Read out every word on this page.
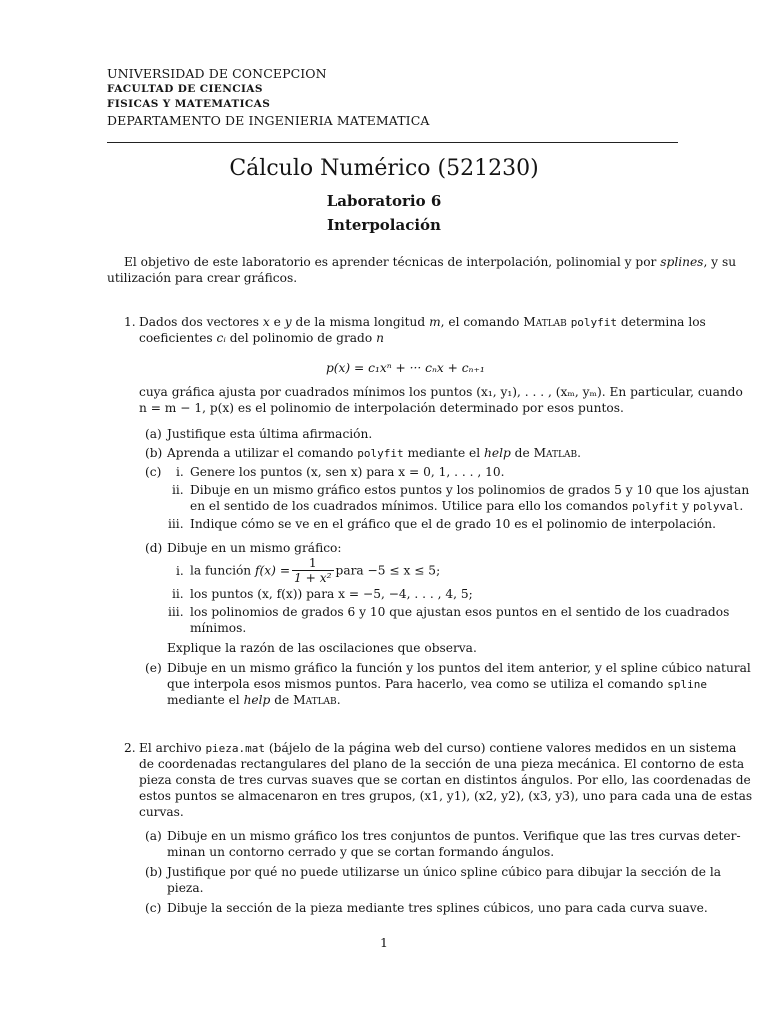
UNIVERSIDAD DE CONCEPCION
FACULTAD DE CIENCIAS
FISICAS Y MATEMATICAS
DEPARTAMENTO DE INGENIERIA MATEMATICA
Cálculo Numérico (521230)
Laboratorio 6
Interpolación
El objetivo de este laboratorio es aprender técnicas de interpolación, polinomial y por splines, y su
utilización para crear gráficos.
1. Dados dos vectores x e y de la misma longitud m, el comando Matlab polyfit determina los
coeficientes cᵢ del polinomio de grado n
p(x) = c₁xⁿ + ··· cₙx + cₙ₊₁
cuya gráfica ajusta por cuadrados mínimos los puntos (x₁, y₁), . . . , (xₘ, yₘ). En particular, cuando
n = m − 1, p(x) es el polinomio de interpolación determinado por esos puntos.
(a) Justifique esta última afirmación.
(b) Aprenda a utilizar el comando polyfit mediante el help de Matlab.
(c) i. Genere los puntos (x, sen x) para x = 0, 1, . . . , 10.
ii. Dibuje en un mismo gráfico estos puntos y los polinomios de grados 5 y 10 que los ajustan
en el sentido de los cuadrados mínimos. Utilice para ello los comandos polyfit y polyval.
iii. Indique cómo se ve en el gráfico que el de grado 10 es el polinomio de interpolación.
(d) Dibuje en un mismo gráfico:
i. la función $f(x) = \frac{1}{\text{1 + x²}}$ para −5 ≤ x ≤ 5;
ii. los puntos (x, f(x)) para x = −5, −4, . . . , 4, 5;
iii. los polinomios de grados 6 y 10 que ajustan esos puntos en el sentido de los cuadrados
mínimos.
Explique la razón de las oscilaciones que observa.
(e) Dibuje en un mismo gráfico la función y los puntos del item anterior, y el spline cúbico natural
que interpola esos mismos puntos. Para hacerlo, vea como se utiliza el comando spline
mediante el help de Matlab.
2. El archivo pieza.mat (bájelo de la página web del curso) contiene valores medidos en un sistema
de coordenadas rectangulares del plano de la sección de una pieza mecánica. El contorno de esta
pieza consta de tres curvas suaves que se cortan en distintos ángulos. Por ello, las coordenadas de
estos puntos se almacenaron en tres grupos, (x1, y1), (x2, y2), (x3, y3), uno para cada una de estas
curvas.
(a) Dibuje en un mismo gráfico los tres conjuntos de puntos. Verifique que las tres curvas deter-
minan un contorno cerrado y que se cortan formando ángulos.
(b) Justifique por qué no puede utilizarse un único spline cúbico para dibujar la sección de la
pieza.
(c) Dibuje la sección de la pieza mediante tres splines cúbicos, uno para cada curva suave.
1
